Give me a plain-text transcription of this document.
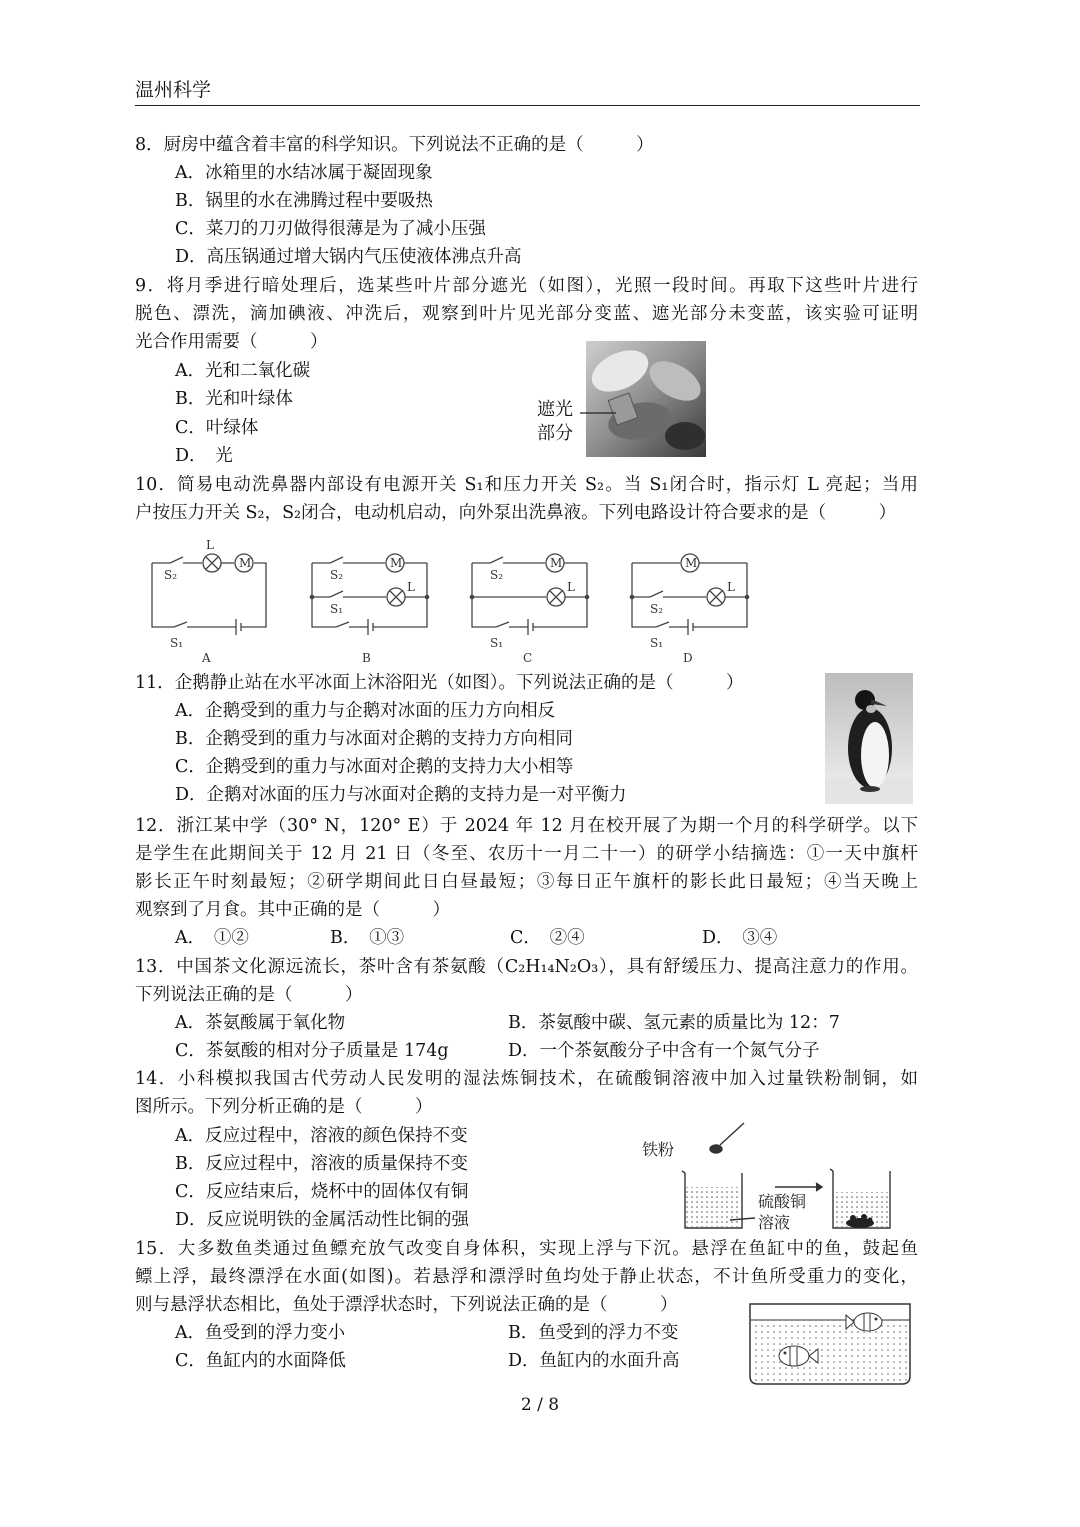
温州科学
8．厨房中蕴含着丰富的科学知识。下列说法不正确的是（　　　）
A．冰箱里的水结冰属于凝固现象
B．锅里的水在沸腾过程中要吸热
C．菜刀的刀刃做得很薄是为了减小压强
D．高压锅通过增大锅内气压使液体沸点升高
9．将月季进行暗处理后，选某些叶片部分遮光（如图），光照一段时间。再取下这些叶片进行
脱色、漂洗，滴加碘液、冲洗后，观察到叶片见光部分变蓝、遮光部分未变蓝，该实验可证明
光合作用需要（　　　）
A．光和二氧化碳
B．光和叶绿体
C．叶绿体
D．　光
遮光
部分
10．简易电动洗鼻器内部设有电源开关 S₁和压力开关 S₂。当 S₁闭合时，指示灯 L 亮起；当用
户按压力开关 S₂，S₂闭合，电动机启动，向外泵出洗鼻液。下列电路设计符合要求的是（　　　）
S₂
L
M
S₁
A
S₂
M
L
S₁
B
S₂
M
L
S₁
C
M
L
S₂
S₁
D
11．企鹅静止站在水平冰面上沐浴阳光（如图）。下列说法正确的是（　　　）
A．企鹅受到的重力与企鹅对冰面的压力方向相反
B．企鹅受到的重力与冰面对企鹅的支持力方向相同
C．企鹅受到的重力与冰面对企鹅的支持力大小相等
D．企鹅对冰面的压力与冰面对企鹅的支持力是一对平衡力
12．浙江某中学（30° N，120° E）于 2024 年 12 月在校开展了为期一个月的科学研学。以下
是学生在此期间关于 12 月 21 日（冬至、农历十一月二十一）的研学小结摘选：①一天中旗杆
影长正午时刻最短；②研学期间此日白昼最短；③每日正午旗杆的影长此日最短；④当天晚上
观察到了月食。其中正确的是（　　　）
A．　①②	B．　①③	C．　②④	D．　③④
13．中国茶文化源远流长，茶叶含有茶氨酸（C₂H₁₄N₂O₃），具有舒缓压力、提高注意力的作用。
下列说法正确的是（　　　）
A．茶氨酸属于氧化物	B．茶氨酸中碳、氢元素的质量比为 12：7
C．茶氨酸的相对分子质量是 174g	D．一个茶氨酸分子中含有一个氮气分子
14．小科模拟我国古代劳动人民发明的湿法炼铜技术，在硫酸铜溶液中加入过量铁粉制铜，如
图所示。下列分析正确的是（　　　）
A．反应过程中，溶液的颜色保持不变
B．反应过程中，溶液的质量保持不变
C．反应结束后，烧杯中的固体仅有铜
D．反应说明铁的金属活动性比铜的强
铁粉
硫酸铜
溶液
15．大多数鱼类通过鱼鳔充放气改变自身体积，实现上浮与下沉。悬浮在鱼缸中的鱼，鼓起鱼
鳔上浮，最终漂浮在水面(如图)。若悬浮和漂浮时鱼均处于静止状态，不计鱼所受重力的变化，
则与悬浮状态相比，鱼处于漂浮状态时，下列说法正确的是（　　　）
A．鱼受到的浮力变小	B．鱼受到的浮力不变
C．鱼缸内的水面降低	D．鱼缸内的水面升高
2 / 8
